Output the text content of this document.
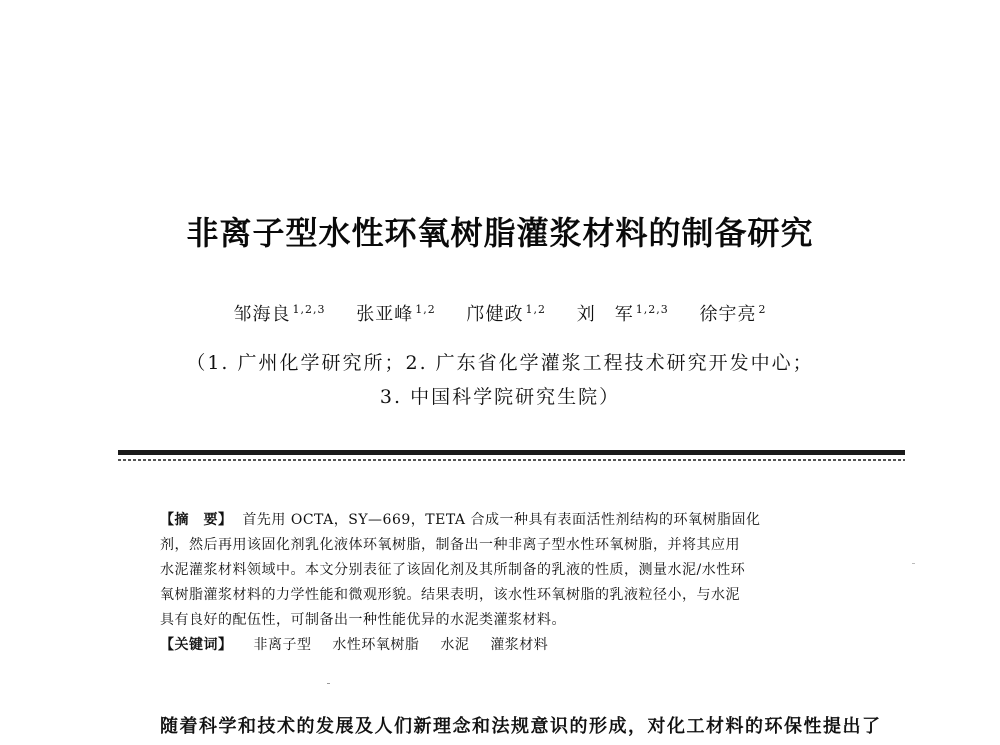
非离子型水性环氧树脂灌浆材料的制备研究
邹海良 $^{1,2,3}$ 张亚峰 $^{1,2}$ 邝健政 $^{1,2}$ 刘　军 $^{1,2,3}$ 徐宇亮 $^2$
（1. 广州化学研究所；2. 广东省化学灌浆工程技术研究开发中心；
3. 中国科学院研究生院）
【摘　要】 首先用 OCTA，SY—669，TETA 合成一种具有表面活性剂结构的环氧树脂固化
剂，然后再用该固化剂乳化液体环氧树脂，制备出一种非离子型水性环氧树脂，并将其应用
水泥灌浆材料领域中。本文分别表征了该固化剂及其所制备的乳液的性质，测量水泥/水性环
氧树脂灌浆材料的力学性能和微观形貌。结果表明，该水性环氧树脂的乳液粒径小，与水泥
具有良好的配伍性，可制备出一种性能优异的水泥类灌浆材料。
【关键词】 非离子型 水性环氧树脂 水泥 灌浆材料
随着科学和技术的发展及人们新理念和法规意识的形成，对化工材料的环保性提出了
